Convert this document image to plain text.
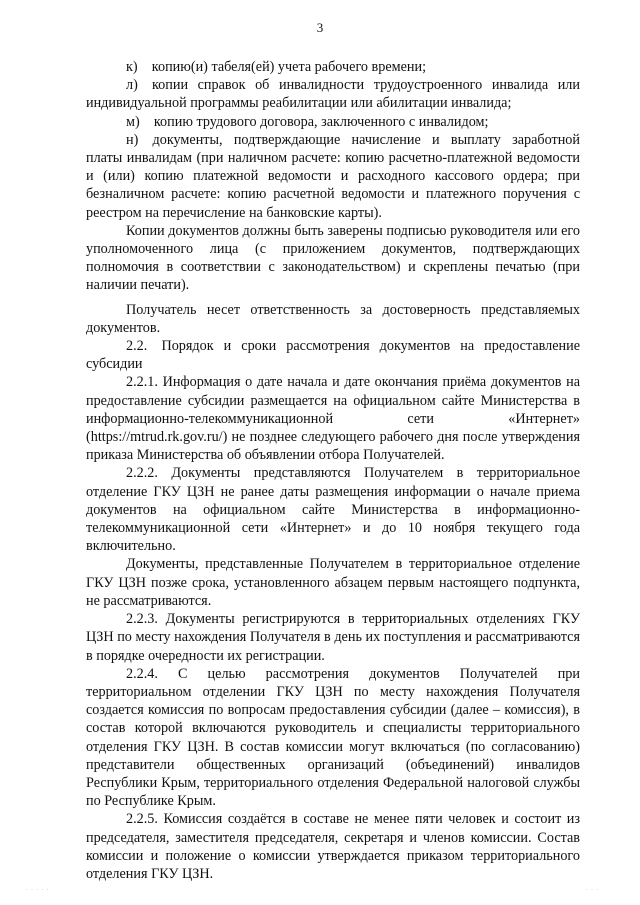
3

к) копию(и) табеля(ей) учета рабочего времени;

л) копии справок об инвалидности трудоустроенного инвалида или индивидуальной программы реабилитации или абилитации инвалида;

м) копию трудового договора, заключенного с инвалидом;

н) документы, подтверждающие начисление и выплату заработной платы инвалидам (при наличном расчете: копию расчетно-платежной ведомости и (или) копию платежной ведомости и расходного кассового ордера; при безналичном расчете: копию расчетной ведомости и платежного поручения с реестром на перечисление на банковские карты).

Копии документов должны быть заверены подписью руководителя или его уполномоченного лица (с приложением документов, подтверждающих полномочия в соответствии с законодательством) и скреплены печатью (при наличии печати).

Получатель несет ответственность за достоверность представляемых документов.

2.2. Порядок и сроки рассмотрения документов на предоставление субсидии

2.2.1. Информация о дате начала и дате окончания приёма документов на предоставление субсидии размещается на официальном сайте Министерства в информационно-телекоммуникационной сети «Интернет» (https://mtrud.rk.gov.ru/) не позднее следующего рабочего дня после утверждения приказа Министерства об объявлении отбора Получателей.

2.2.2. Документы представляются Получателем в территориальное отделение ГКУ ЦЗН не ранее даты размещения информации о начале приема документов на официальном сайте Министерства в информационно-телекоммуникационной сети «Интернет» и до 10 ноября текущего года включительно.

Документы, представленные Получателем в территориальное отделение ГКУ ЦЗН позже срока, установленного абзацем первым настоящего подпункта, не рассматриваются.

2.2.3. Документы регистрируются в территориальных отделениях ГКУ ЦЗН по месту нахождения Получателя в день их поступления и рассматриваются в порядке очередности их регистрации.

2.2.4. С целью рассмотрения документов Получателей при территориальном отделении ГКУ ЦЗН по месту нахождения Получателя создается комиссия по вопросам предоставления субсидии (далее – комиссия), в состав которой включаются руководитель и специалисты территориального отделения ГКУ ЦЗН. В состав комиссии могут включаться (по согласованию) представители общественных организаций (объединений) инвалидов Республики Крым, территориального отделения Федеральной налоговой службы по Республике Крым.

2.2.5. Комиссия создаётся в составе не менее пяти человек и состоит из председателя, заместителя председателя, секретаря и членов комиссии. Состав комиссии и положение о комиссии утверждается приказом территориального отделения ГКУ ЦЗН.

· · · · ·	· · ·
